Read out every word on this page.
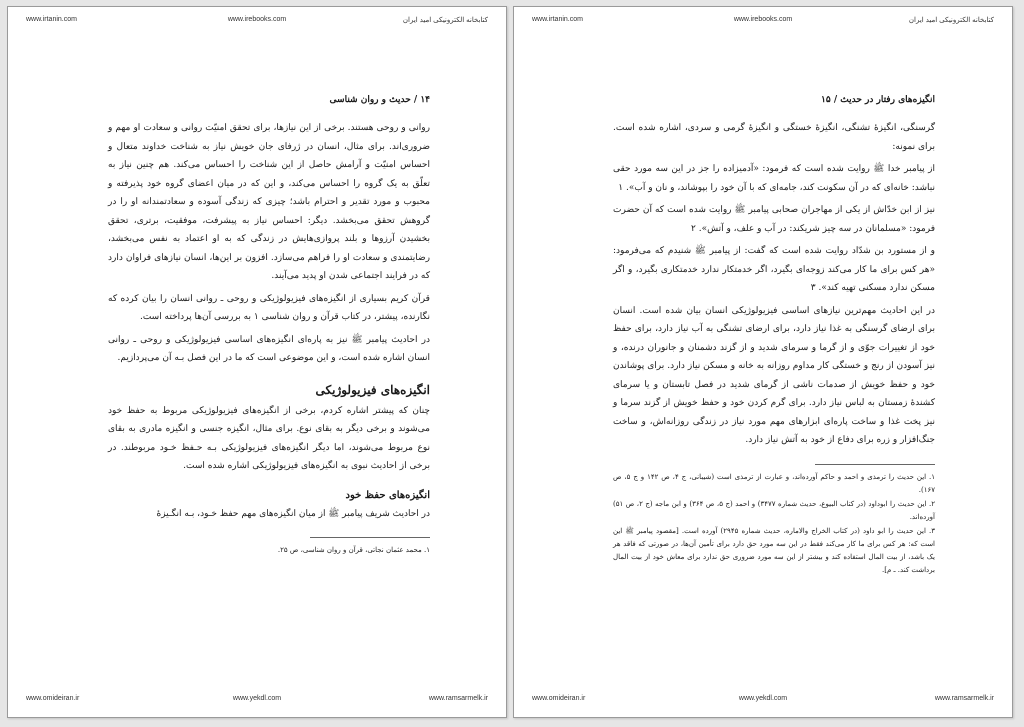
www.irtanin.com	www.irebooks.com	کتابخانه الکترونیکی امید ایران
۱۴ / حدیث و روان شناسی

روانی و روحی هستند. برخی از این نیازها، برای تحقق امنیّت روانی و سعادت او مهم و ضروری‌اند. برای مثال، انسان در ژرفای جان خویش نیاز به شناخت خداوند متعال و احساس امنیّت و آرامش حاصل از این شناخت را احساس می‌کند. هم چنین نیاز به تعلّق به یک گروه را احساس می‌کند، و این که در میان اعضای گروه خود پذیرفته و محبوب و مورد تقدیر و احترام باشد؛ چیزی که زندگی آسوده و سعادتمندانه او را در گروهش تحقق می‌بخشد. دیگر: احساس نیاز به پیشرفت، موفقیت، برتری، تحقق بخشیدن آرزوها و بلند پروازی‌هایش در زندگی که به او اعتماد به نفس می‌بخشد، رضایتمندی و سعادت او را فراهم می‌سازد. افزون بر این‌ها، انسان نیازهای فراوان دارد که در فرایند اجتماعی شدن او پدید می‌آیند.

قرآن کریم بسیاری از انگیزه‌های فیزیولوژیکی و روحی ـ روانی انسان را بیان کرده که نگارنده، پیشتر، در کتاب قرآن و روان شناسی ۱ به بررسی آن‌ها پرداخته است.

در احادیث پیامبر ﷺ نیز به پاره‌ای انگیزه‌های اساسی فیزیولوژیکی و روحی ـ روانی انسان اشاره شده است، و این موضوعی است که ما در این فصل بـه آن می‌پردازیم.

انگیزه‌های فیزیولوژیکی

چنان که پیشتر اشاره کردم، برخی از انگیزه‌های فیزیولوژیکی مربوط به حفظ خود می‌شوند و برخی دیگر به بقای نوع. برای مثال، انگیزه جنسی و انگیزه مادری به بقای نوع مربوط می‌شوند، اما دیگر انگیزه‌های فیزیولوژیکی بـه حـفظ خـود مربوطند. در برخی از احادیث نبوی به انگیزه‌های فیزیولوژیکی اشاره شده است.

انگیزه‌های حفظ خود

در احادیث شریف پیامبر ﷺ از میان انگیزه‌های مهم حفظ خـود، بـه انگـیزهٔ

۱. محمد عثمان نجاتی، قرآن و روان شناسی، ص ۲۵.

www.omideiran.ir	www.yekdl.com	www.ramsarmelk.ir
www.irtanin.com	www.irebooks.com	کتابخانه الکترونیکی امید ایران
انگیزه‌های رفتار در حدیث / ۱۵

گرسنگی، انگیزهٔ تشنگی، انگیزهٔ خستگی و انگیزهٔ گرمی و سردی، اشاره شده است. برای نمونه:

از پیامبر خدا ﷺ روایت شده است که فرمود: «آدمیزاده را جز در این سه مورد حقی نباشد: خانه‌ای که در آن سکونت کند، جامه‌ای که با آن خود را بپوشاند، و نان و آب». ۱

نیز از ابن خدّاش از یکی از مهاجران صحابی پیامبر ﷺ روایت شده است که آن حضرت فرمود: «مسلمانان در سه چیز شریکند: در آب و علف، و آتش». ۲

و از مستورد بن شدّاد روایت شده است که گفت: از پیامبر ﷺ شنیدم که می‌فرمود: «هر کس برای ما کار می‌کند زوجه‌ای بگیرد، اگر خدمتکار ندارد خدمتکاری بگیرد، و اگر مسکن ندارد مسکنی تهیه کند». ۳

در این احادیث مهم‌ترین نیازهای اساسی فیزیولوژیکی انسان بیان شده است. انسان برای ارضای گرسنگی به غذا نیاز دارد، برای ارضای تشنگی به آب نیاز دارد، برای حفظ خود از تغییرات جوّی و از گرما و سرمای شدید و از گزند دشمنان و جانوران درنده، و نیز آسودن از رنج و خستگی کار مداوم روزانه به خانه و مسکن نیاز دارد. برای پوشاندن خود و حفظ خویش از صدمات ناشی از گرمای شدید در فصل تابستان و یا سرمای کشندهٔ زمستان به لباس نیاز دارد. برای گرم کردن خود و حفظ خویش از گزند سرما و نیز پخت غذا و ساخت پاره‌ای ابزارهای مهم مورد نیاز در زندگی روزانه‌اش، و ساخت جنگ‌افزار و زره برای دفاع از خود به آتش نیاز دارد.

۱. این حدیث را ترمذی و احمد و حاکم آورده‌اند، و عبارت از ترمذی است (شیبانی، ج ۴، ص ۱۴۲ و ج ۵، ص ۱۶۷).

۲. این حدیث را ابوداود (در کتاب البیوع، حدیث شماره ۳۴۷۷) و احمد (ج ۵، ص ۳۶۴) و ابن ماجه (ج ۲، ص ۵۱) آورده‌اند.

۳. این حدیث را ابو داود (در کتاب الخراج والاماره، حدیث شماره ۲۹۴۵) آورده است. [مقصود پیامبر ﷺ این است که: هر کس برای ما کار می‌کند فقط در این سه مورد حق دارد برای تأمین آن‌ها، در صورتی که فاقد هر یک باشد، از بیت المال استفاده کند و بیشتر از این سه مورد ضروری حق ندارد برای معاش خود از بیت المال برداشت کند. ـ م].

www.omideiran.ir	www.yekdl.com	www.ramsarmelk.ir
